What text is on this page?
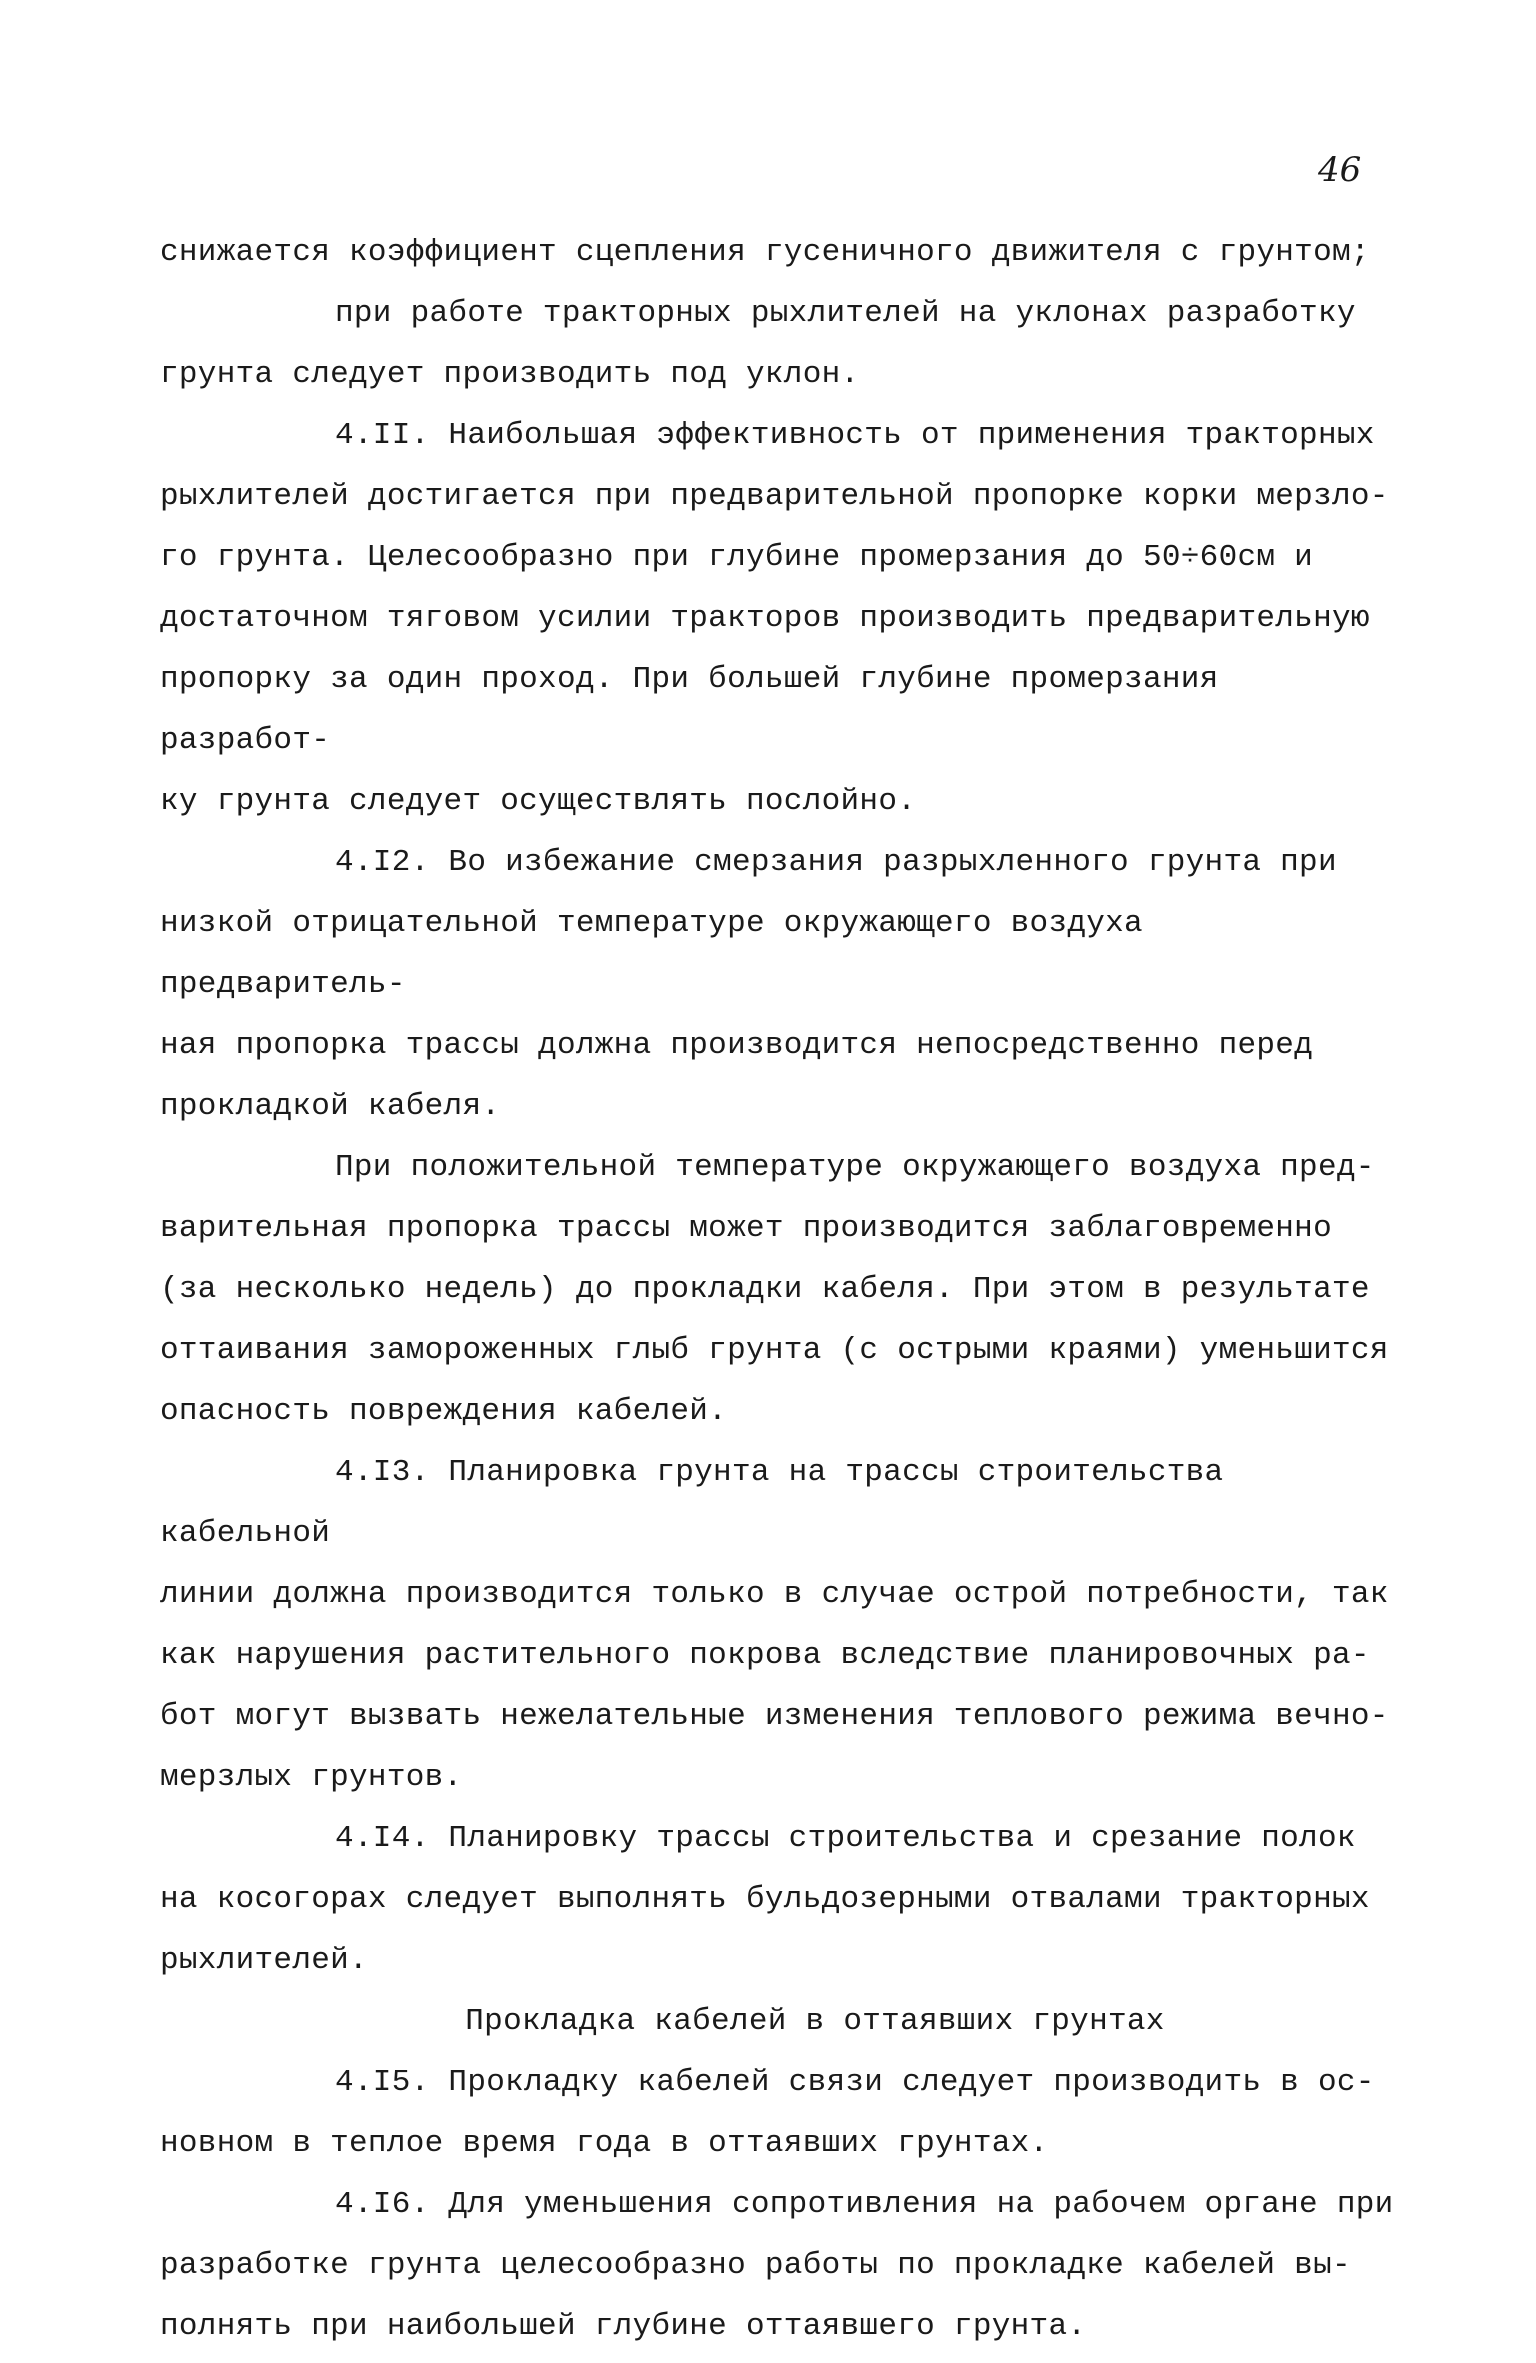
46

снижается коэффициент сцепления гусеничного движителя с грунтом;

при работе тракторных рыхлителей на уклонах разработку
грунта следует производить под уклон.

4.II. Наибольшая эффективность от применения тракторных
рыхлителей достигается при предварительной пропорке корки мерзло-
го грунта. Целесообразно при глубине промерзания до 50÷60см и
достаточном тяговом усилии тракторов производить предварительную
пропорку за один проход. При большей глубине промерзания разработ-
ку грунта следует осуществлять послойно.

4.I2. Во избежание смерзания разрыхленного грунта при
низкой отрицательной температуре окружающего воздуха предваритель-
ная пропорка трассы должна производится непосредственно перед
прокладкой кабеля.

При положительной температуре окружающего воздуха пред-
варительная пропорка трассы может производится заблаговременно
(за несколько недель) до прокладки кабеля. При этом в результате
оттаивания замороженных глыб грунта (с острыми краями) уменьшится
опасность повреждения кабелей.

4.I3. Планировка грунта на трассы строительства кабельной
линии должна производится только в случае острой потребности, так
как нарушения растительного покрова вследствие планировочных ра-
бот могут вызвать нежелательные изменения теплового режима вечно-
мерзлых грунтов.

4.I4. Планировку трассы строительства и срезание полок
на косогорах следует выполнять бульдозерными отвалами тракторных
рыхлителей.

Прокладка кабелей в оттаявших грунтах

4.I5. Прокладку кабелей связи следует производить в ос-
новном в теплое время года в оттаявших грунтах.

4.I6. Для уменьшения сопротивления на рабочем органе при
разработке грунта целесообразно работы по прокладке кабелей вы-
полнять при наибольшей глубине оттаявшего грунта.
